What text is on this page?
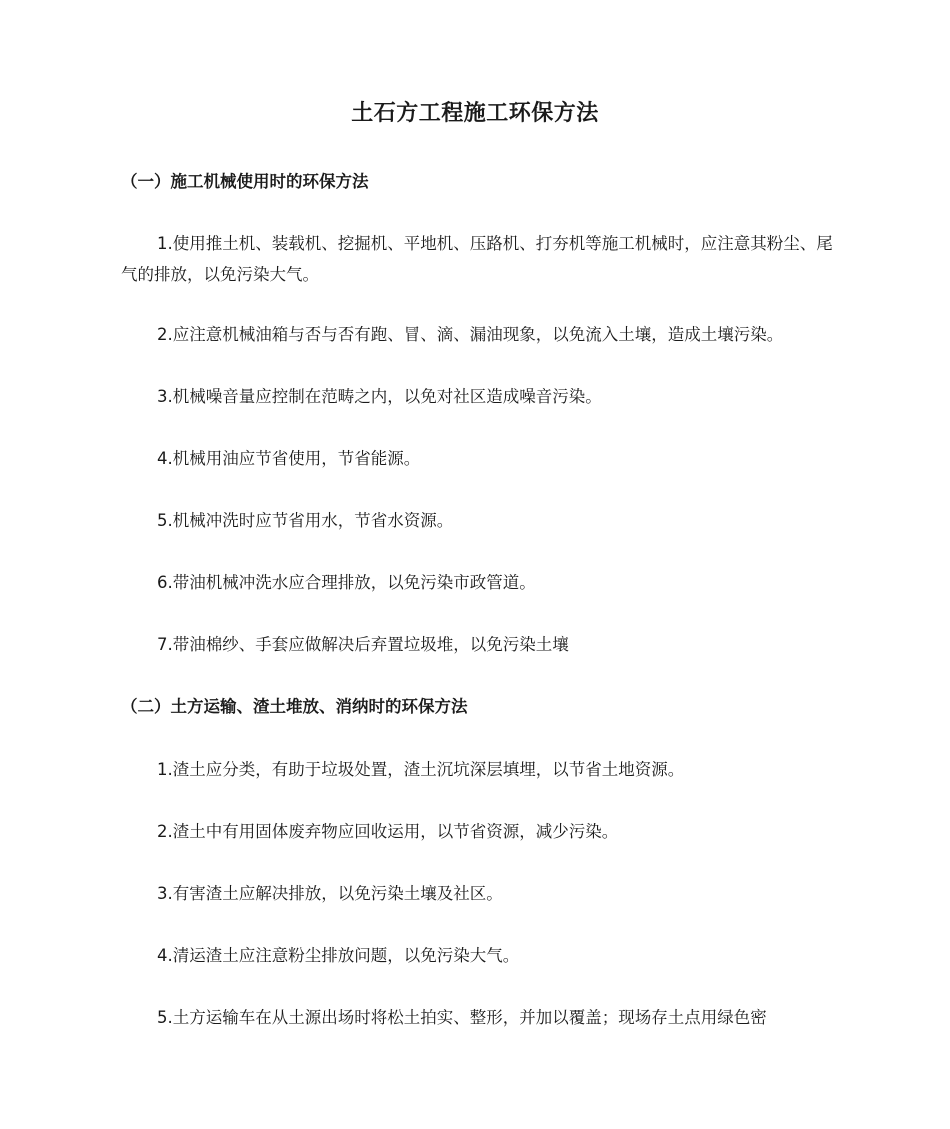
土石方工程施工环保方法
（一）施工机械使用时的环保方法
1.使用推土机、装载机、挖掘机、平地机、压路机、打夯机等施工机械时，应注意其粉尘、尾气的排放，以免污染大气。
2.应注意机械油箱与否与否有跑、冒、滴、漏油现象，以免流入土壤，造成土壤污染。
3.机械噪音量应控制在范畴之内，以免对社区造成噪音污染。
4.机械用油应节省使用，节省能源。
5.机械冲洗时应节省用水，节省水资源。
6.带油机械冲洗水应合理排放，以免污染市政管道。
7.带油棉纱、手套应做解决后弃置垃圾堆，以免污染土壤
（二）土方运输、渣土堆放、消纳时的环保方法
1.渣土应分类，有助于垃圾处置，渣土沉坑深层填埋，以节省土地资源。
2.渣土中有用固体废弃物应回收运用，以节省资源，减少污染。
3.有害渣土应解决排放，以免污染土壤及社区。
4.清运渣土应注意粉尘排放问题，以免污染大气。
5.土方运输车在从土源出场时将松土拍实、整形，并加以覆盖；现场存土点用绿色密
